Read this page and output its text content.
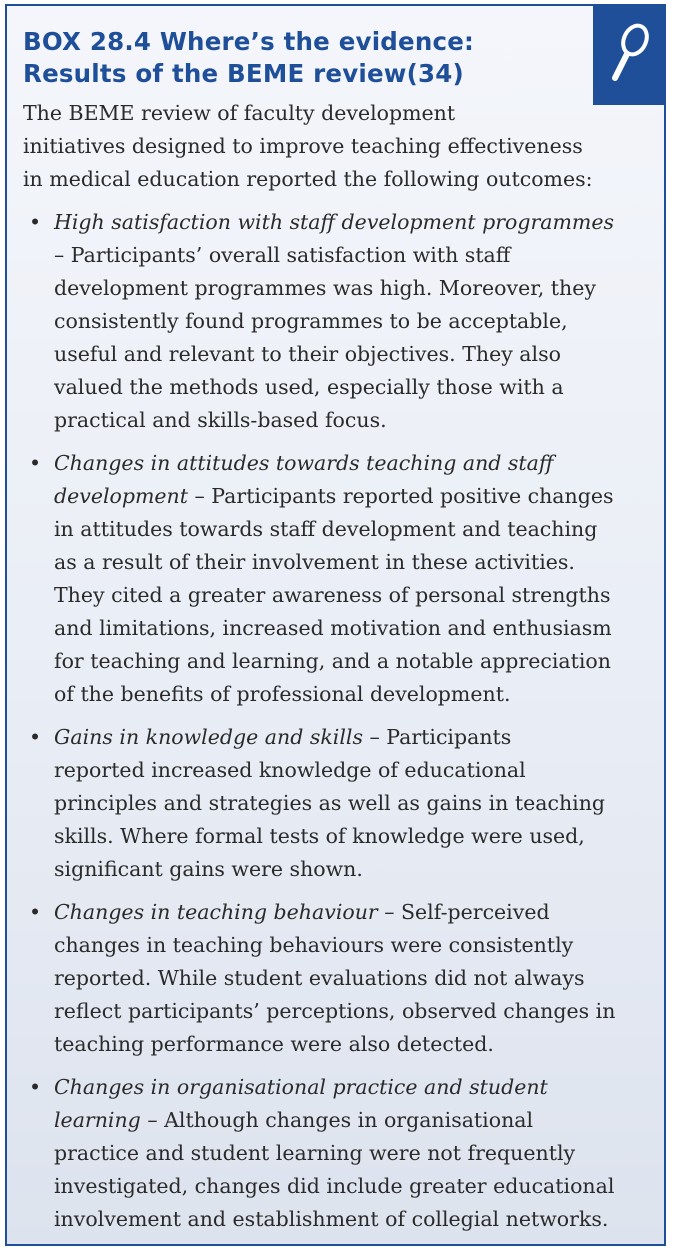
BOX 28.4 Where’s the evidence:
Results of the BEME review(34)
The BEME review of faculty development
initiatives designed to improve teaching effectiveness
in medical education reported the following outcomes:
• High satisfaction with staff development programmes
– Participants’ overall satisfaction with staff
development programmes was high. Moreover, they
consistently found programmes to be acceptable,
useful and relevant to their objectives. They also
valued the methods used, especially those with a
practical and skills-based focus.
• Changes in attitudes towards teaching and staff
development – Participants reported positive changes
in attitudes towards staff development and teaching
as a result of their involvement in these activities.
They cited a greater awareness of personal strengths
and limitations, increased motivation and enthusiasm
for teaching and learning, and a notable appreciation
of the benefits of professional development.
• Gains in knowledge and skills – Participants
reported increased knowledge of educational
principles and strategies as well as gains in teaching
skills. Where formal tests of knowledge were used,
significant gains were shown.
• Changes in teaching behaviour – Self-perceived
changes in teaching behaviours were consistently
reported. While student evaluations did not always
reflect participants’ perceptions, observed changes in
teaching performance were also detected.
• Changes in organisational practice and student
learning – Although changes in organisational
practice and student learning were not frequently
investigated, changes did include greater educational
involvement and establishment of collegial networks.
